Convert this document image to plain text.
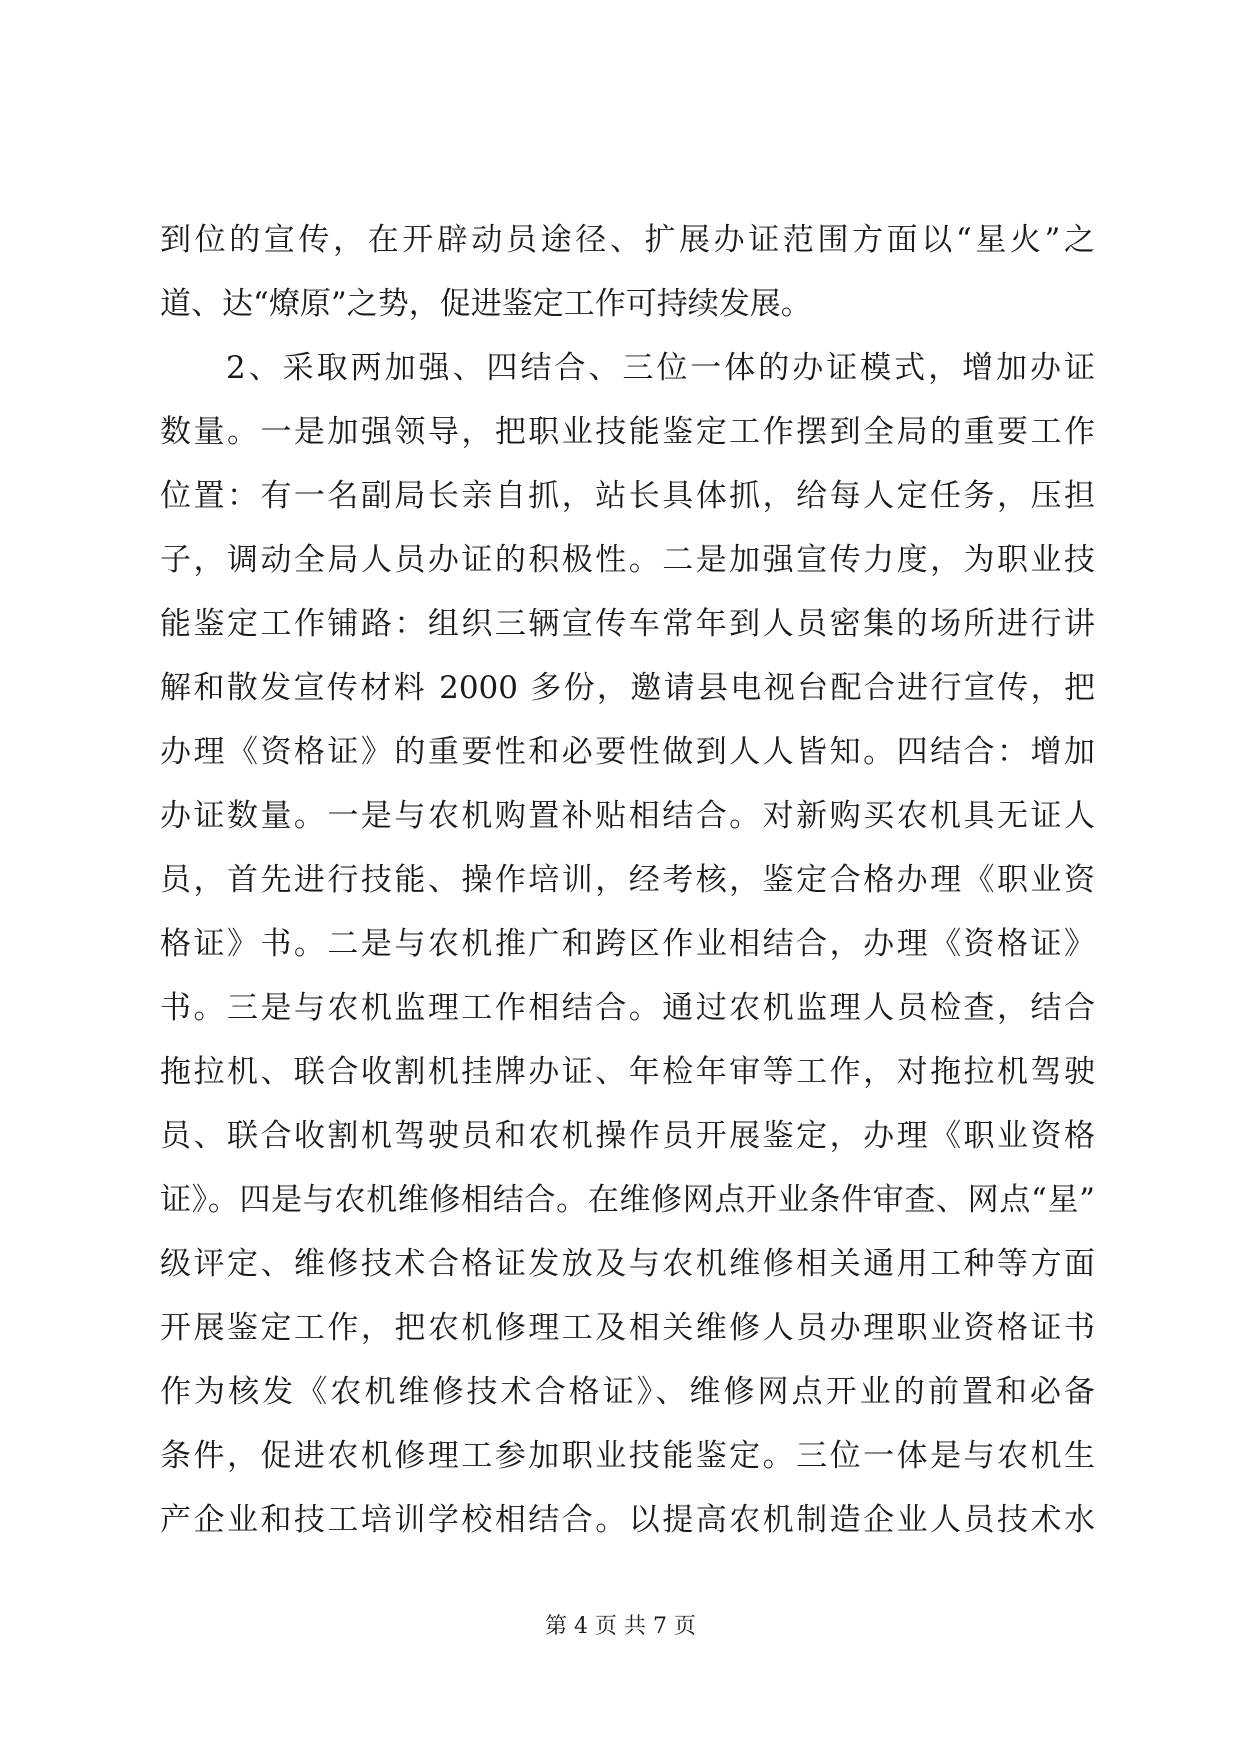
到位的宣传，在开辟动员途径、扩展办证范围方面以“星火”之
道、达“燎原”之势，促进鉴定工作可持续发展。
2、采取两加强、四结合、三位一体的办证模式，增加办证
数量。一是加强领导，把职业技能鉴定工作摆到全局的重要工作
位置：有一名副局长亲自抓，站长具体抓，给每人定任务，压担
子，调动全局人员办证的积极性。二是加强宣传力度，为职业技
能鉴定工作铺路：组织三辆宣传车常年到人员密集的场所进行讲
解和散发宣传材料 2000 多份，邀请县电视台配合进行宣传，把
办理《资格证》的重要性和必要性做到人人皆知。四结合：增加
办证数量。一是与农机购置补贴相结合。对新购买农机具无证人
员，首先进行技能、操作培训，经考核，鉴定合格办理《职业资
格证》书。二是与农机推广和跨区作业相结合，办理《资格证》
书。三是与农机监理工作相结合。通过农机监理人员检查，结合
拖拉机、联合收割机挂牌办证、年检年审等工作，对拖拉机驾驶
员、联合收割机驾驶员和农机操作员开展鉴定，办理《职业资格
证》。四是与农机维修相结合。在维修网点开业条件审查、网点“星”
级评定、维修技术合格证发放及与农机维修相关通用工种等方面
开展鉴定工作，把农机修理工及相关维修人员办理职业资格证书
作为核发《农机维修技术合格证》、维修网点开业的前置和必备
条件，促进农机修理工参加职业技能鉴定。三位一体是与农机生
产企业和技工培训学校相结合。以提高农机制造企业人员技术水
第 4 页 共 7 页
